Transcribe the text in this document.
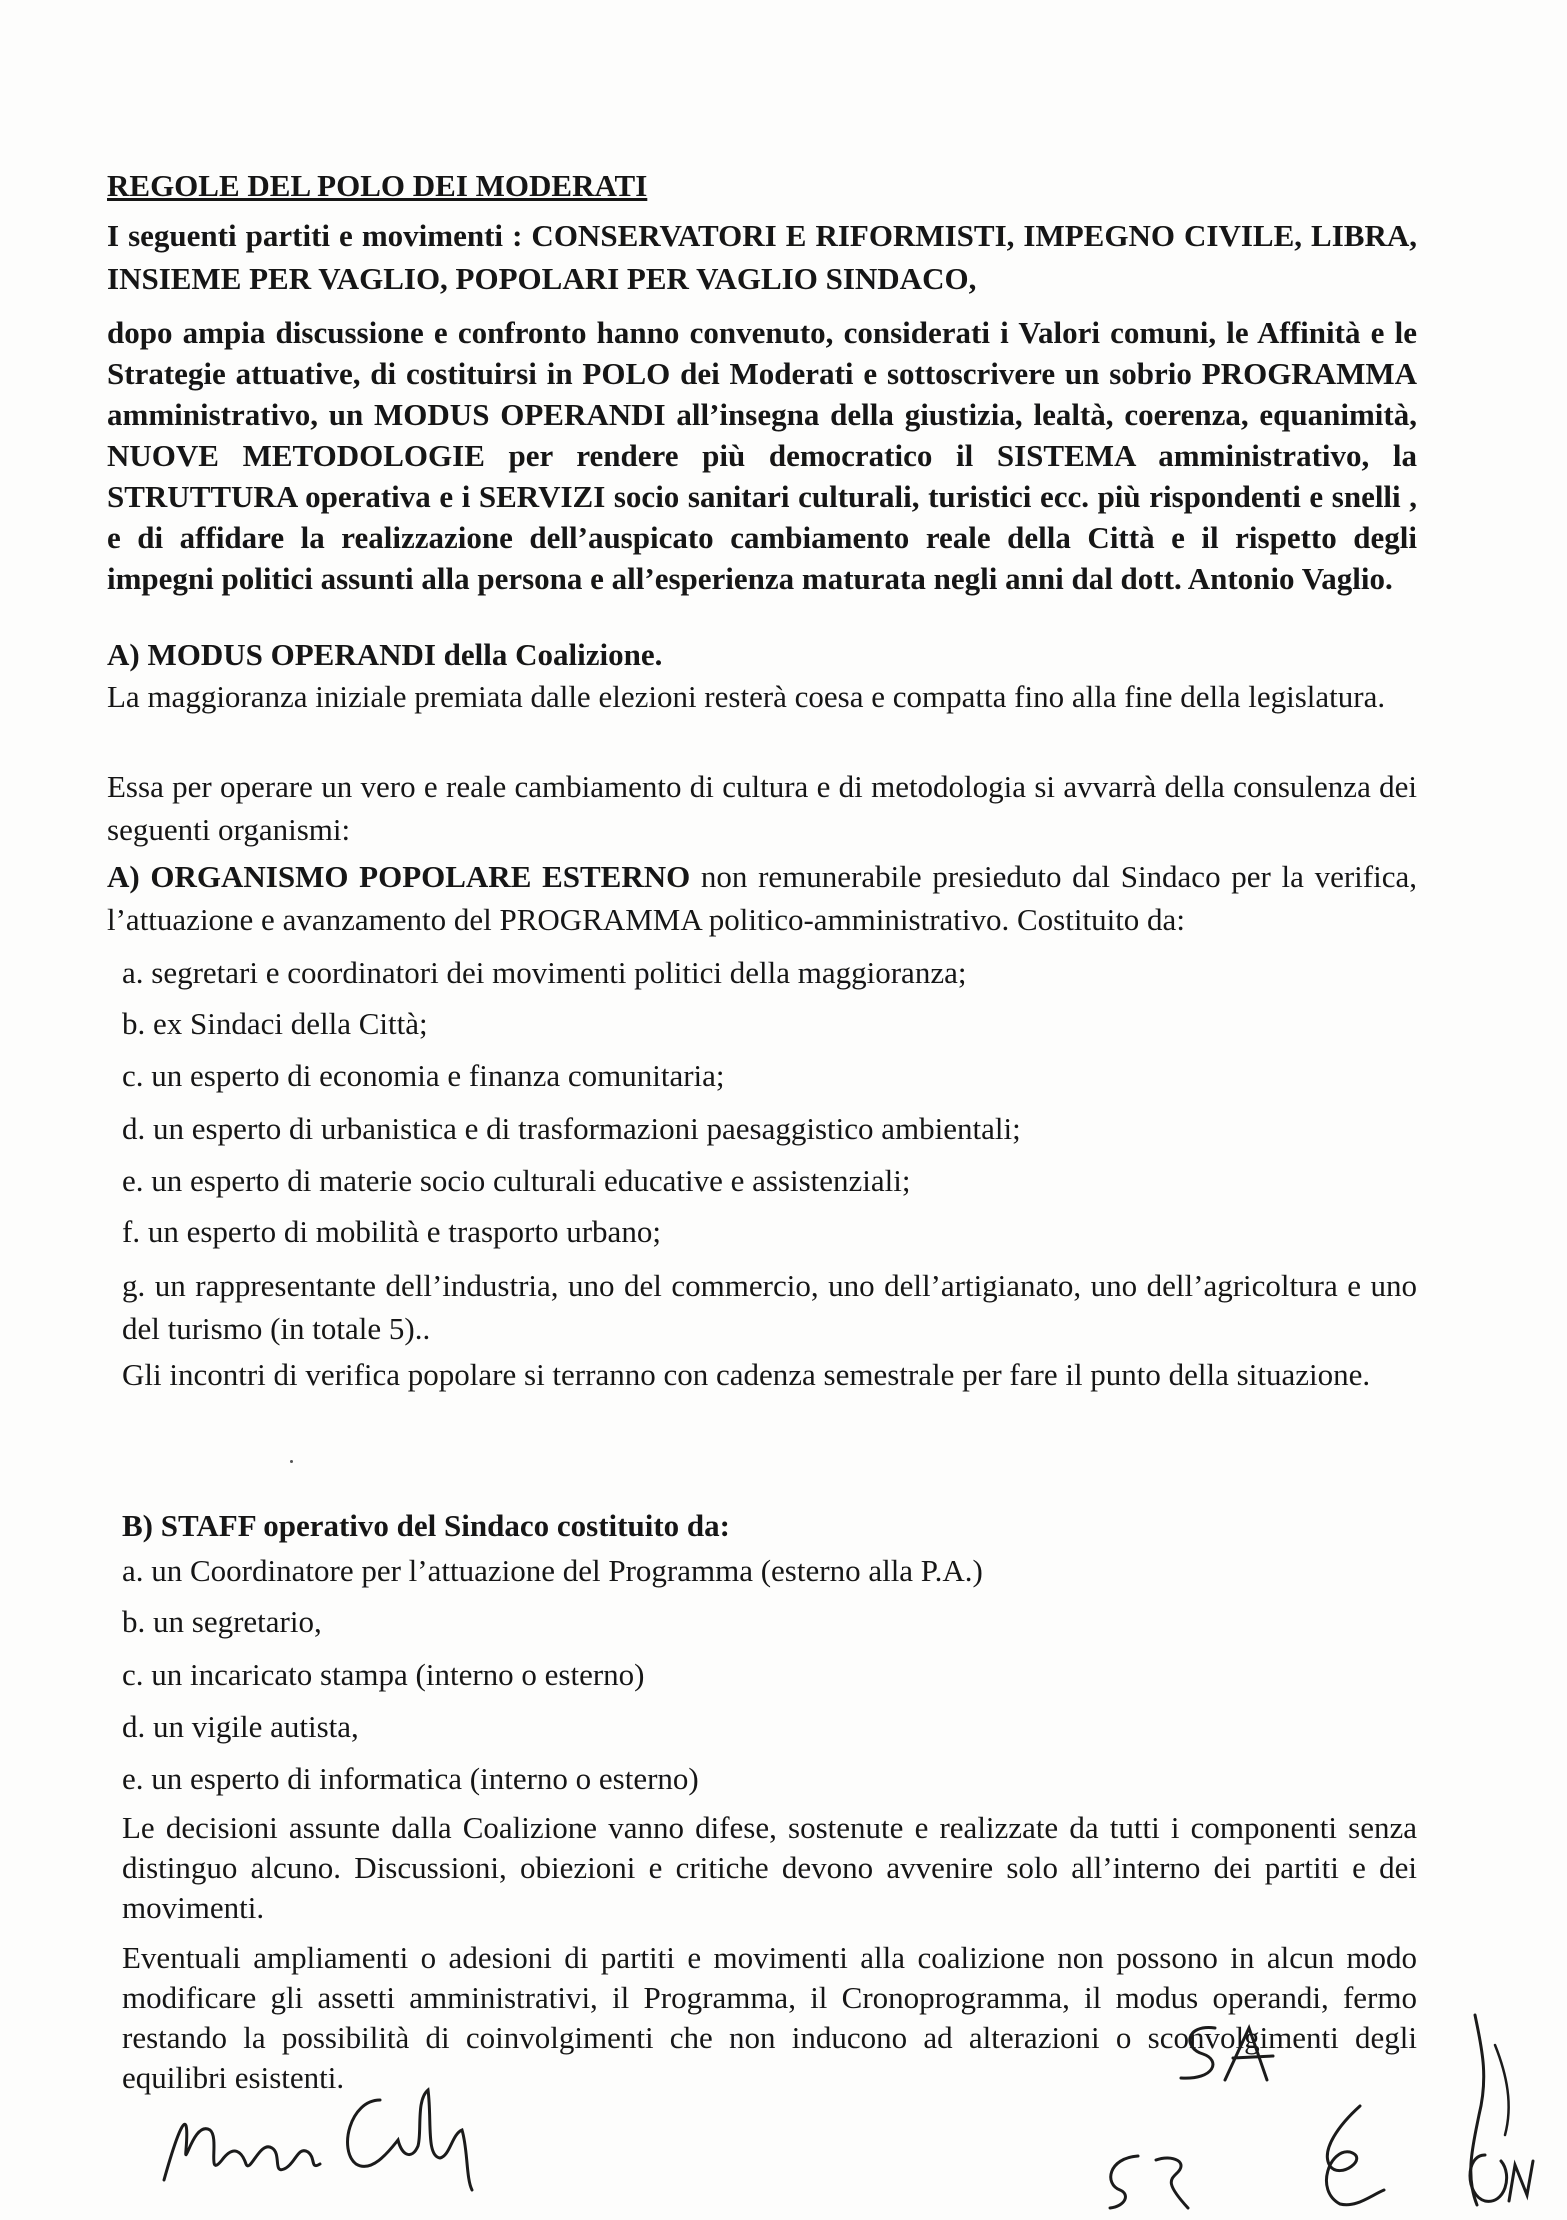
REGOLE DEL POLO DEI MODERATI

I seguenti partiti e movimenti : CONSERVATORI E RIFORMISTI, IMPEGNO CIVILE, LIBRA, INSIEME PER VAGLIO, POPOLARI PER VAGLIO SINDACO,

dopo ampia discussione e confronto hanno convenuto, considerati i Valori comuni, le Affinità e le Strategie attuative, di costituirsi in POLO dei Moderati e sottoscrivere un sobrio PROGRAMMA amministrativo, un MODUS OPERANDI all’insegna della giustizia, lealtà, coerenza, equanimità, NUOVE METODOLOGIE per rendere più democratico il SISTEMA amministrativo, la STRUTTURA operativa e i SERVIZI socio sanitari culturali, turistici ecc. più rispondenti e snelli , e di affidare la realizzazione dell’auspicato cambiamento reale della Città e il rispetto degli impegni politici assunti alla persona e all’esperienza maturata negli anni dal dott. Antonio Vaglio.

A) MODUS OPERANDI della Coalizione.

La maggioranza iniziale premiata dalle elezioni resterà coesa e compatta fino alla fine della legislatura.

Essa per operare un vero e reale cambiamento di cultura e di metodologia si avvarrà della consulenza dei seguenti organismi:

A) ORGANISMO POPOLARE ESTERNO non remunerabile presieduto dal Sindaco per la verifica, l’attuazione e avanzamento del PROGRAMMA politico-amministrativo. Costituito da:

a. segretari e coordinatori dei movimenti politici della maggioranza;

b. ex Sindaci della Città;

c. un esperto di economia e finanza comunitaria;

d. un esperto di urbanistica e di trasformazioni paesaggistico ambientali;

e. un esperto di materie socio culturali educative e assistenziali;

f. un esperto di mobilità e trasporto urbano;

g. un rappresentante dell’industria, uno del commercio, uno dell’artigianato, uno dell’agricoltura e uno del turismo (in totale 5)..

Gli incontri di verifica popolare si terranno con cadenza semestrale per fare il punto della situazione.

B) STAFF operativo del Sindaco costituito da:

a. un Coordinatore per l’attuazione del Programma (esterno alla P.A.)

b. un segretario,

c. un incaricato stampa (interno o esterno)

d. un vigile autista,

e. un esperto di informatica (interno o esterno)

Le decisioni assunte dalla Coalizione vanno difese, sostenute e realizzate da tutti i componenti senza distinguo alcuno. Discussioni, obiezioni e critiche devono avvenire solo all’interno dei partiti e dei movimenti.

Eventuali ampliamenti o adesioni di partiti e movimenti alla coalizione non possono in alcun modo modificare gli assetti amministrativi, il Programma, il Cronoprogramma, il modus operandi, fermo restando la possibilità di coinvolgimenti che non inducono ad alterazioni o sconvolgimenti degli equilibri esistenti.
